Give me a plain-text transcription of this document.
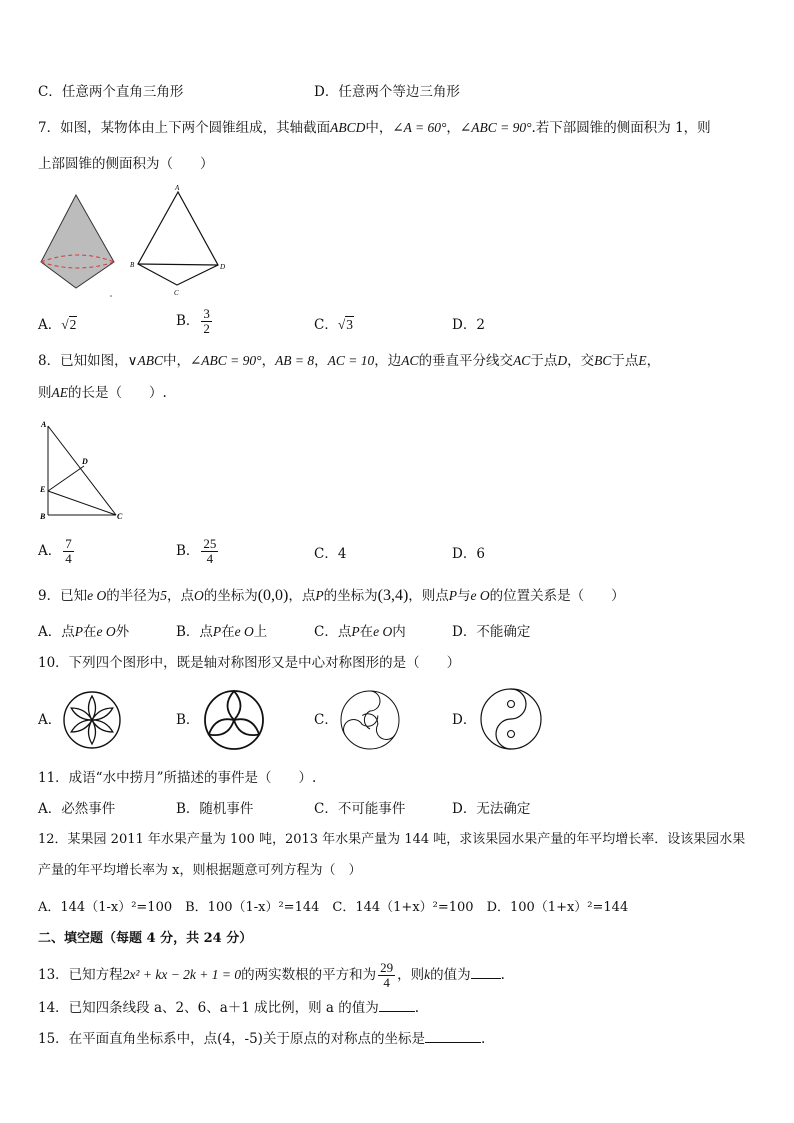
C．任意两个直角三角形	D．任意两个等边三角形
7．如图，某物体由上下两个圆锥组成，其轴截面ABCD中，∠A = 60°，∠ABC = 90°.若下部圆锥的侧面积为 1，则
上部圆锥的侧面积为（　　）
A
B
C
D
A．√2	B． $\frac{3}{2}$	C．√3	D．2
8．已知如图，∨ABC中，∠ABC = 90°，AB = 8，AC = 10，边AC的垂直平分线交AC于点D，交BC于点E，
则AE的长是（　　）.
A
D
E
B	C
A． $\frac{7}{4}$	B． $\frac{25}{4}$	C．4	D．6
9．已知e O的半径为5，点O的坐标为(0,0)，点P的坐标为(3,4)，则点P与e O的位置关系是（　　）
A．点P在e O外	B．点P在e O上	C．点P在e O内	D．不能确定
10．下列四个图形中，既是轴对称图形又是中心对称图形的是（　　）
A．	B．	C．	D．
11．成语“水中捞月”所描述的事件是（　　）.
A．必然事件	B．随机事件	C．不可能事件	D．无法确定
12．某果园 2011 年水果产量为 100 吨，2013 年水果产量为 144 吨，求该果园水果产量的年平均增长率．设该果园水果
产量的年平均增长率为 x，则根据题意可列方程为（　）
A．144（1-x）²=100　B．100（1-x）²=144　C．144（1+x）²=100　D．100（1+x）²=144
二、填空题（每题 4 分，共 24 分）
13．已知方程2x² + kx − 2k + 1 = 0的两实数根的平方和为 $\frac{29}{4}$ ，则k的值为 .
14．已知四条线段 a、2、6、a＋1 成比例，则 a 的值为	.
15．在平面直角坐标系中，点(4，-5)关于原点的对称点的坐标是	.
